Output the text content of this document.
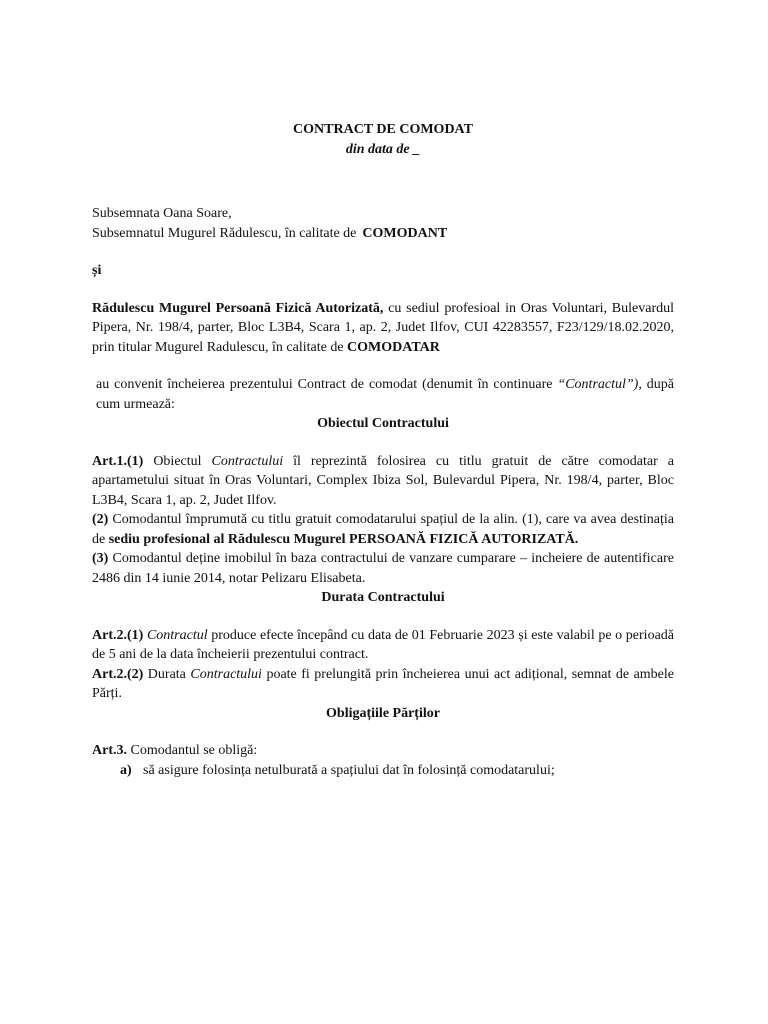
CONTRACT DE COMODAT

din data de _

Subsemnata Oana Soare,

Subsemnatul Mugurel Rădulescu, în calitate de COMODANT

și

Rădulescu Mugurel Persoană Fizică Autorizată, cu sediul profesioal in Oras Voluntari, Bulevardul Pipera, Nr. 198/4, parter, Bloc L3B4, Scara 1, ap. 2, Judet Ilfov, CUI 42283557, F23/129/18.02.2020, prin titular Mugurel Radulescu, în calitate de COMODATAR

au convenit încheierea prezentului Contract de comodat (denumit în continuare “Contractul”), după cum urmează:

Obiectul Contractului

Art.1.(1) Obiectul Contractului îl reprezintă folosirea cu titlu gratuit de către comodatar a apartametului situat în Oras Voluntari, Complex Ibiza Sol, Bulevardul Pipera, Nr. 198/4, parter, Bloc L3B4, Scara 1, ap. 2, Judet Ilfov.

(2) Comodantul împrumută cu titlu gratuit comodatarului spațiul de la alin. (1), care va avea destinația de sediu profesional al Rădulescu Mugurel PERSOANĂ FIZICĂ AUTORIZATĂ.

(3) Comodantul deține imobilul în baza contractului de vanzare cumparare – incheiere de autentificare 2486 din 14 iunie 2014, notar Pelizaru Elisabeta.

Durata Contractului

Art.2.(1) Contractul produce efecte începând cu data de 01 Februarie 2023 și este valabil pe o perioadă de 5 ani de la data încheierii prezentului contract.

Art.2.(2) Durata Contractului poate fi prelungită prin încheierea unui act adițional, semnat de ambele Părți.

Obligațiile Părților

Art.3. Comodantul se obligă:

a) să asigure folosința netulburată a spațiului dat în folosință comodatarului;
